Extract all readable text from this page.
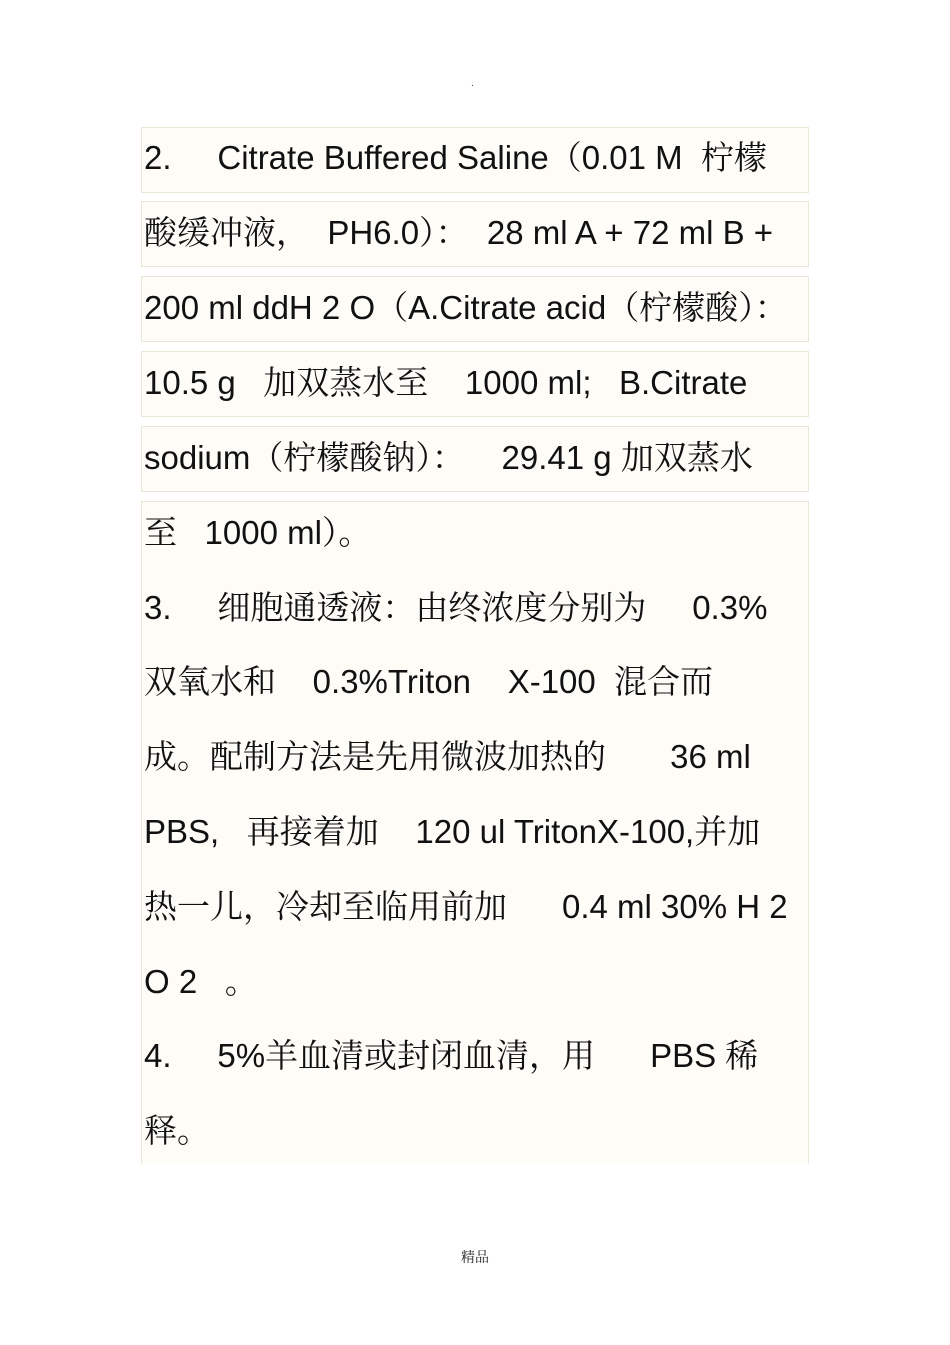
.
2.     Citrate Buffered Saline（0.01 M  柠檬
酸缓冲液，  PH6.0）：  28 ml A + 72 ml B +
200 ml ddH 2 O（A.Citrate acid（柠檬酸）：
10.5 g   加双蒸水至    1000 ml;   B.Citrate
sodium（柠檬酸钠）：    29.41 g 加双蒸水
至   1000 ml）。
3.     细胞通透液：由终浓度分别为     0.3%
双氧水和    0.3%Triton    X-100  混合而
成。配制方法是先用微波加热的       36 ml
PBS,   再接着加    120 ul TritonX-100,并加
热一儿，冷却至临用前加      0.4 ml 30% H 2
O 2   。
4.     5%羊血清或封闭血清，用      PBS 稀
释。
精品
